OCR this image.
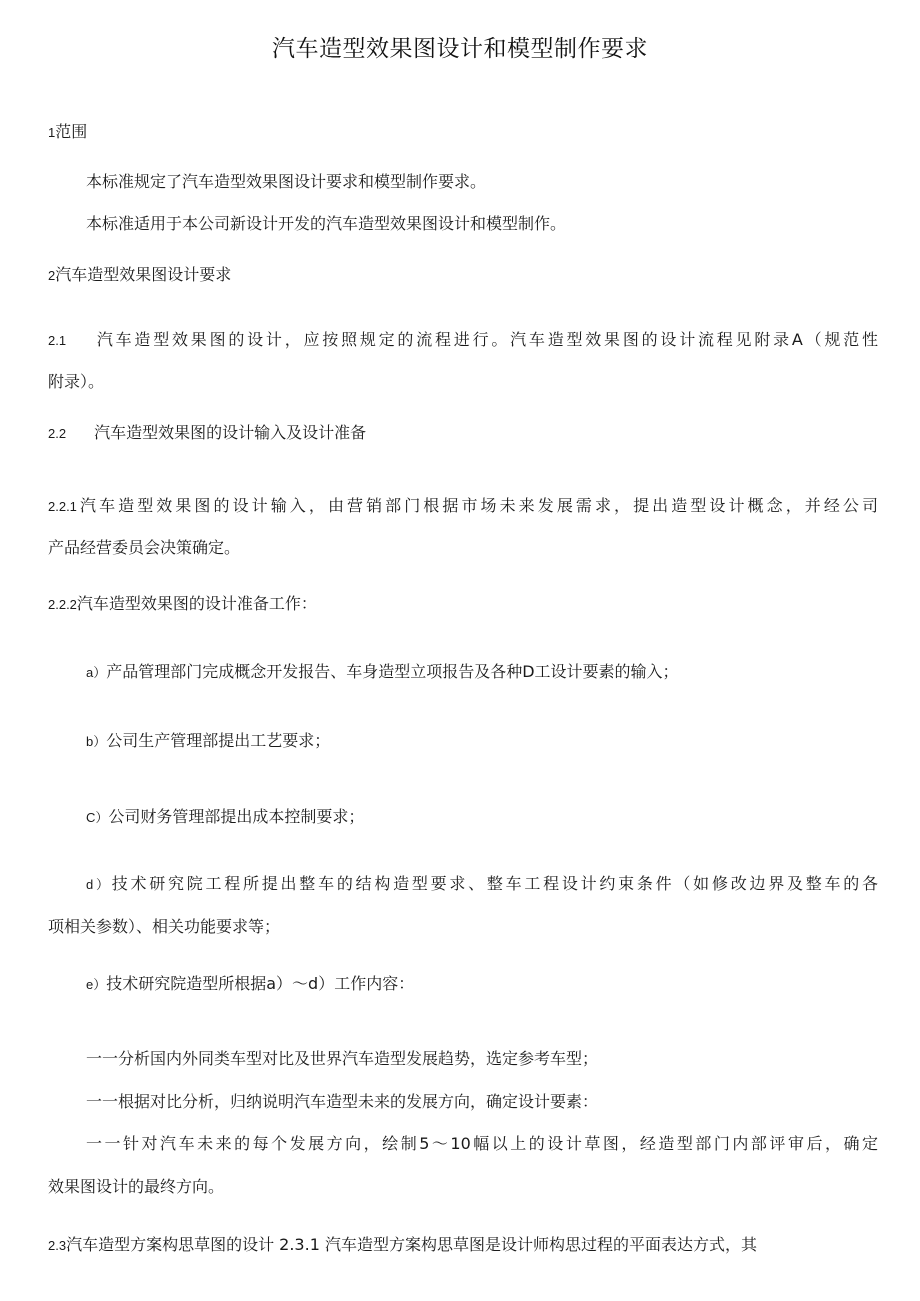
汽车造型效果图设计和模型制作要求
1范围
本标准规定了汽车造型效果图设计要求和模型制作要求。
本标准适用于本公司新设计开发的汽车造型效果图设计和模型制作。
2汽车造型效果图设计要求
2.1 汽车造型效果图的设计，应按照规定的流程进行。汽车造型效果图的设计流程见附录A（规范性
附录）。
2.2 汽车造型效果图的设计输入及设计准备
2.2.1汽车造型效果图的设计输入，由营销部门根据市场未来发展需求，提出造型设计概念，并经公司
产品经营委员会决策确定。
2.2.2汽车造型效果图的设计准备工作：
a）产品管理部门完成概念开发报告、车身造型立项报告及各种D工设计要素的输入；
b）公司生产管理部提出工艺要求；
C）公司财务管理部提出成本控制要求；
d）技术研究院工程所提出整车的结构造型要求、整车工程设计约束条件（如修改边界及整车的各
项相关参数）、相关功能要求等；
e）技术研究院造型所根据a）～d）工作内容：
一一分析国内外同类车型对比及世界汽车造型发展趋势，选定参考车型；
一一根据对比分析，归纳说明汽车造型未来的发展方向，确定设计要素：
一一针对汽车未来的每个发展方向，绘制5～10幅以上的设计草图，经造型部门内部评审后，确定
效果图设计的最终方向。
2.3汽车造型方案构思草图的设计 2.3.1 汽车造型方案构思草图是设计师构思过程的平面表达方式，其
